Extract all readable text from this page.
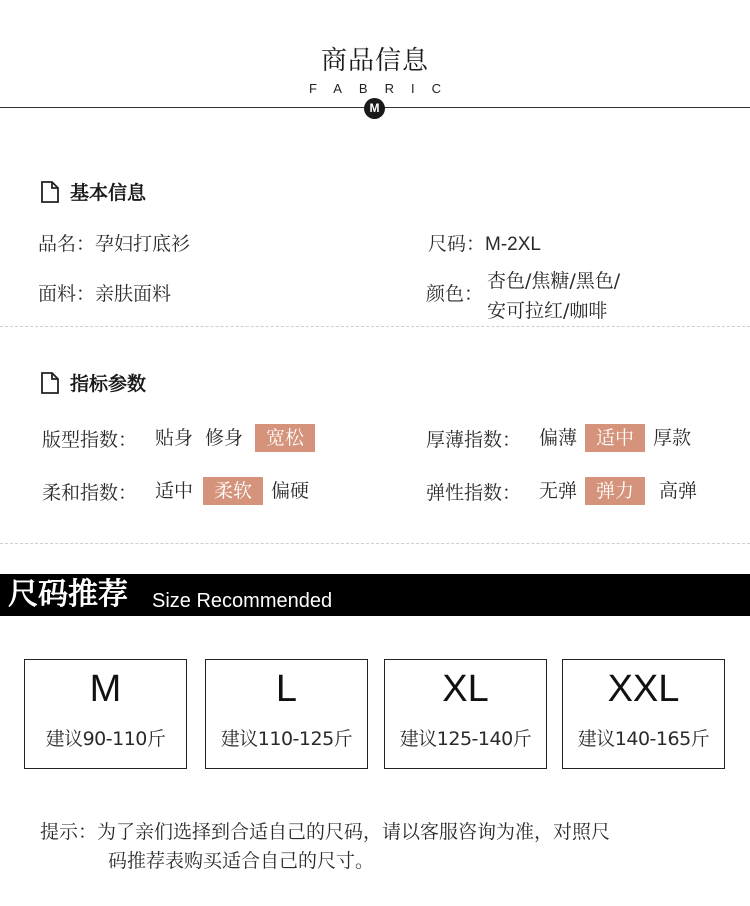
商品信息
FABRIC
M
基本信息
品名：孕妇打底衫	尺码：M-2XL
面料：亲肤面料	颜色：
杏色/焦糖/黑色/
安可拉红/咖啡
指标参数
版型指数： 贴身 修身	宽松	厚薄指数： 偏薄	适中	厚款
柔和指数： 适中	柔软	偏硬	弹性指数： 无弹	弹力	高弹
尺码推荐 Size Recommended
M
建议90-110斤
L
建议110-125斤
XL
建议125-140斤
XXL
建议140-165斤
提示：为了亲们选择到合适自己的尺码，请以客服咨询为准，对照尺
码推荐表购买适合自己的尺寸。
